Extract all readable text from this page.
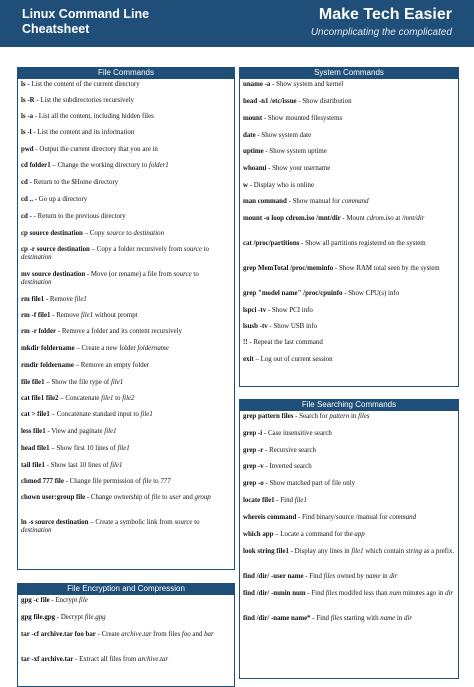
Linux Command Line
Cheatsheet
Make Tech Easier
Uncomplicating the complicated
File Commands
ls - List the content of the current directory
ls -R - List the subdirectories recursively
ls -a - List all the content, including hidden files
ls -l - List the content and its information
pwd - Output the current directory that you are in
cd folder1 – Change the working directory to folder1
cd - Return to the $Home directory
cd .. - Go up a directory
cd - - Return to the previous directory
cp source destination – Copy source to destination
cp -r source destination – Copy a folder recursively from source to destination
mv source destination - Move (or rename) a file from source to destination
rm file1 - Remove file1
rm -f file1 - Remove file1 without prompt
rm -r folder - Remove a folder and its content recursively
mkdir foldername – Create a new folder foldername
rmdir foldername – Remove an empty folder
file file1 – Show the file type of file1
cat file1 file2 – Concatenate file1 to file2
cat > file1 – Concatenate standard input to file1
less file1 - View and paginate file1
head file1 – Show first 10 lines of file1
tail file1 - Show last 10 lines of file1
chmod 777 file - Change file permission of file to 777
chown user:group file - Change ownership of file to user and group
ln -s source destination – Create a symbolic link from source to destination
File Encryption and Compression
gpg -c file - Encrypt file
gpg file.gpg - Decrypt file.gpg
tar -cf archive.tar foo bar - Create archive.tar from files foo and bar
tar -xf archive.tar - Extract all files from archive.tar
System Commands
uname -a - Show system and kernel
head -n1 /etc/issue - Show distribution
mount - Show mounted filesystems
date - Show system date
uptime - Show system uptime
whoami - Show your username
w - Display who is online
man command - Show manual for command
mount -o loop cdrom.iso /mnt/dir - Mount cdrom.iso at /mnt/dir
cat /proc/partitions - Show all partitions registered on the system
grep MemTotal /proc/meminfo - Show RAM total seen by the system
grep "model name" /proc/cpuinfo - Show CPU(s) info
lspci -tv - Show PCI info
lsusb -tv - Show USB info
!! - Repeat the last command
exit – Log out of current session
File Searching Commands
grep pattern files - Search for pattern in files
grep -i - Case insensitive search
grep -r - Recursive search
grep -v - Inverted search
grep -o - Show matched part of file only
locate file1 - Find file1
whereis command - Find binary/source /manual for command
which app – Locate a command for the app
look string file1 - Display any lines in file1 which contain string as a prefix.
find /dir/ -user name - Find files owned by name in dir
find /dir/ -mmin num - Find files modifed less than num minutes ago in dir
find /dir/ -name name* - Find files starting with name in dir
